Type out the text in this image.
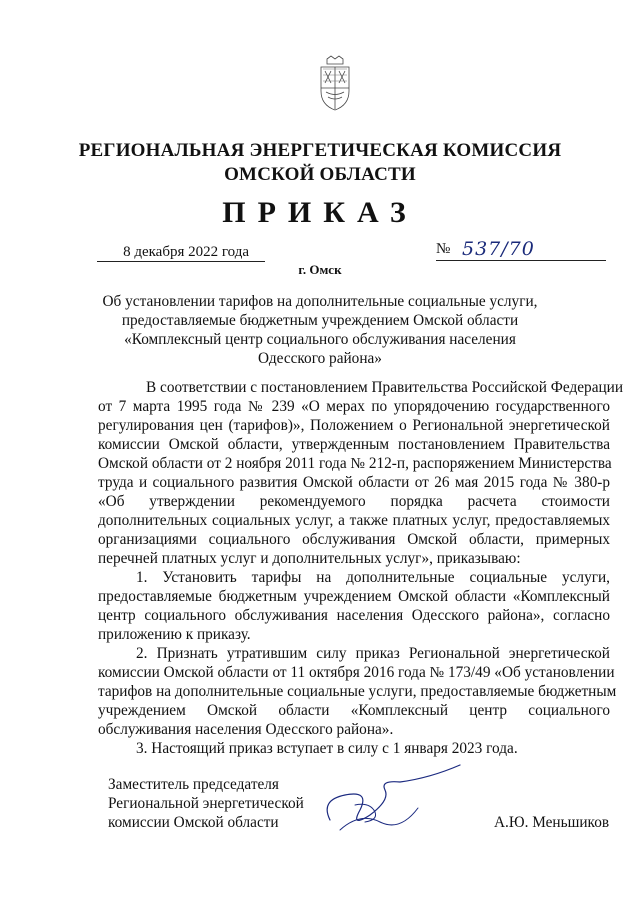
РЕГИОНАЛЬНАЯ ЭНЕРГЕТИЧЕСКАЯ КОМИССИЯ
ОМСКОЙ ОБЛАСТИ
ПРИКАЗ
8 декабря 2022 года	№ 537/70
г. Омск
Об установлении тарифов на дополнительные социальные услуги,
предоставляемые бюджетным учреждением Омской области
«Комплексный центр социального обслуживания населения
Одесского района»
В соответствии с постановлением Правительства Российской Федерации
от 7 марта 1995 года № 239 «О мерах по упорядочению государственного
регулирования цен (тарифов)», Положением о Региональной энергетической
комиссии Омской области, утвержденным постановлением Правительства
Омской области от 2 ноября 2011 года № 212-п, распоряжением Министерства
труда и социального развития Омской области от 26 мая 2015 года № 380-р
«Об утверждении рекомендуемого порядка расчета стоимости
дополнительных социальных услуг, а также платных услуг, предоставляемых
организациями социального обслуживания Омской области, примерных
перечней платных услуг и дополнительных услуг», приказываю:
1. Установить тарифы на дополнительные социальные услуги,
предоставляемые бюджетным учреждением Омской области «Комплексный
центр социального обслуживания населения Одесского района», согласно
приложению к приказу.
2. Признать утратившим силу приказ Региональной энергетической
комиссии Омской области от 11 октября 2016 года № 173/49 «Об установлении
тарифов на дополнительные социальные услуги, предоставляемые бюджетным
учреждением Омской области «Комплексный центр социального
обслуживания населения Одесского района».
3. Настоящий приказ вступает в силу с 1 января 2023 года.
Заместитель председателя
Региональной энергетической
комиссии Омской области	А.Ю. Меньшиков
